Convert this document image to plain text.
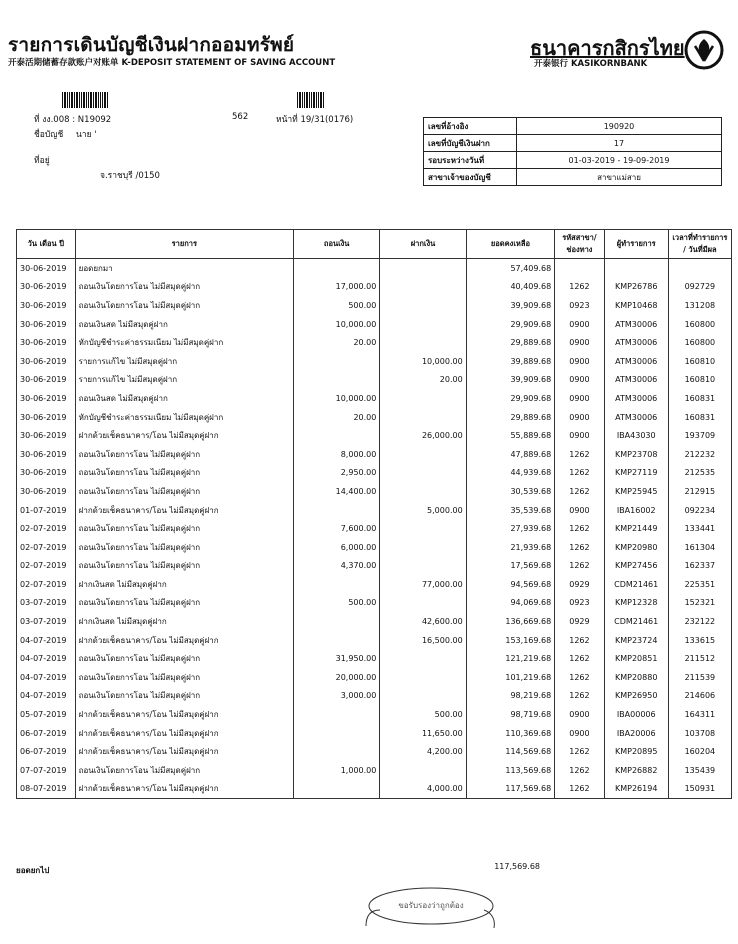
รายการเดินบัญชีเงินฝากออมทรัพย์
开泰活期储蓄存款账户对账单 K-DEPOSIT STATEMENT OF SAVING ACCOUNT
ธนาคารกสิกรไทย
开泰银行 KASIKORNBANK
ที่ งง.008 : N19092	562	หน้าที่ 19/31(0176)
ชื่อบัญชี นาย '
ที่อยู่
จ.ราชบุรี /0150
เลขที่อ้างอิง	190920
เลขที่บัญชีเงินฝาก	17
รอบระหว่างวันที่	01-03-2019 - 19-09-2019
สาขาเจ้าของบัญชี	สาขาแม่สาย
วัน เดือน ปี	รายการ	ถอนเงิน	ฝากเงิน	ยอดคงเหลือ	รหัสสาขา/ ช่องทาง	ผู้ทำรายการ	เวลาที่ทำรายการ / วันที่มีผล
30-06-2019	ยอดยกมา			57,409.68			
30-06-2019	ถอนเงินโดยการโอน ไม่มีสมุดคู่ฝาก	17,000.00		40,409.68	1262	KMP26786	092729
30-06-2019	ถอนเงินโดยการโอน ไม่มีสมุดคู่ฝาก	500.00		39,909.68	0923	KMP10468	131208
30-06-2019	ถอนเงินสด ไม่มีสมุดคู่ฝาก	10,000.00		29,909.68	0900	ATM30006	160800
30-06-2019	หักบัญชีชำระค่าธรรมเนียม ไม่มีสมุดคู่ฝาก	20.00		29,889.68	0900	ATM30006	160800
30-06-2019	รายการแก้ไข ไม่มีสมุดคู่ฝาก		10,000.00	39,889.68	0900	ATM30006	160810
30-06-2019	รายการแก้ไข ไม่มีสมุดคู่ฝาก		20.00	39,909.68	0900	ATM30006	160810
30-06-2019	ถอนเงินสด ไม่มีสมุดคู่ฝาก	10,000.00		29,909.68	0900	ATM30006	160831
30-06-2019	หักบัญชีชำระค่าธรรมเนียม ไม่มีสมุดคู่ฝาก	20.00		29,889.68	0900	ATM30006	160831
30-06-2019	ฝากด้วยเช็คธนาคาร/โอน ไม่มีสมุดคู่ฝาก		26,000.00	55,889.68	0900	IBA43030	193709
30-06-2019	ถอนเงินโดยการโอน ไม่มีสมุดคู่ฝาก	8,000.00		47,889.68	1262	KMP23708	212232
30-06-2019	ถอนเงินโดยการโอน ไม่มีสมุดคู่ฝาก	2,950.00		44,939.68	1262	KMP27119	212535
30-06-2019	ถอนเงินโดยการโอน ไม่มีสมุดคู่ฝาก	14,400.00		30,539.68	1262	KMP25945	212915
01-07-2019	ฝากด้วยเช็คธนาคาร/โอน ไม่มีสมุดคู่ฝาก		5,000.00	35,539.68	0900	IBA16002	092234
02-07-2019	ถอนเงินโดยการโอน ไม่มีสมุดคู่ฝาก	7,600.00		27,939.68	1262	KMP21449	133441
02-07-2019	ถอนเงินโดยการโอน ไม่มีสมุดคู่ฝาก	6,000.00		21,939.68	1262	KMP20980	161304
02-07-2019	ถอนเงินโดยการโอน ไม่มีสมุดคู่ฝาก	4,370.00		17,569.68	1262	KMP27456	162337
02-07-2019	ฝากเงินสด ไม่มีสมุดคู่ฝาก		77,000.00	94,569.68	0929	CDM21461	225351
03-07-2019	ถอนเงินโดยการโอน ไม่มีสมุดคู่ฝาก	500.00		94,069.68	0923	KMP12328	152321
03-07-2019	ฝากเงินสด ไม่มีสมุดคู่ฝาก		42,600.00	136,669.68	0929	CDM21461	232122
04-07-2019	ฝากด้วยเช็คธนาคาร/โอน ไม่มีสมุดคู่ฝาก		16,500.00	153,169.68	1262	KMP23724	133615
04-07-2019	ถอนเงินโดยการโอน ไม่มีสมุดคู่ฝาก	31,950.00		121,219.68	1262	KMP20851	211512
04-07-2019	ถอนเงินโดยการโอน ไม่มีสมุดคู่ฝาก	20,000.00		101,219.68	1262	KMP20880	211539
04-07-2019	ถอนเงินโดยการโอน ไม่มีสมุดคู่ฝาก	3,000.00		98,219.68	1262	KMP26950	214606
05-07-2019	ฝากด้วยเช็คธนาคาร/โอน ไม่มีสมุดคู่ฝาก		500.00	98,719.68	0900	IBA00006	164311
06-07-2019	ฝากด้วยเช็คธนาคาร/โอน ไม่มีสมุดคู่ฝาก		11,650.00	110,369.68	0900	IBA20006	103708
06-07-2019	ฝากด้วยเช็คธนาคาร/โอน ไม่มีสมุดคู่ฝาก		4,200.00	114,569.68	1262	KMP20895	160204
07-07-2019	ถอนเงินโดยการโอน ไม่มีสมุดคู่ฝาก	1,000.00		113,569.68	1262	KMP26882	135439
08-07-2019	ฝากด้วยเช็คธนาคาร/โอน ไม่มีสมุดคู่ฝาก		4,000.00	117,569.68	1262	KMP26194	150931
ยอดยกไป	117,569.68
ขอรับรองว่าถูกต้อง
